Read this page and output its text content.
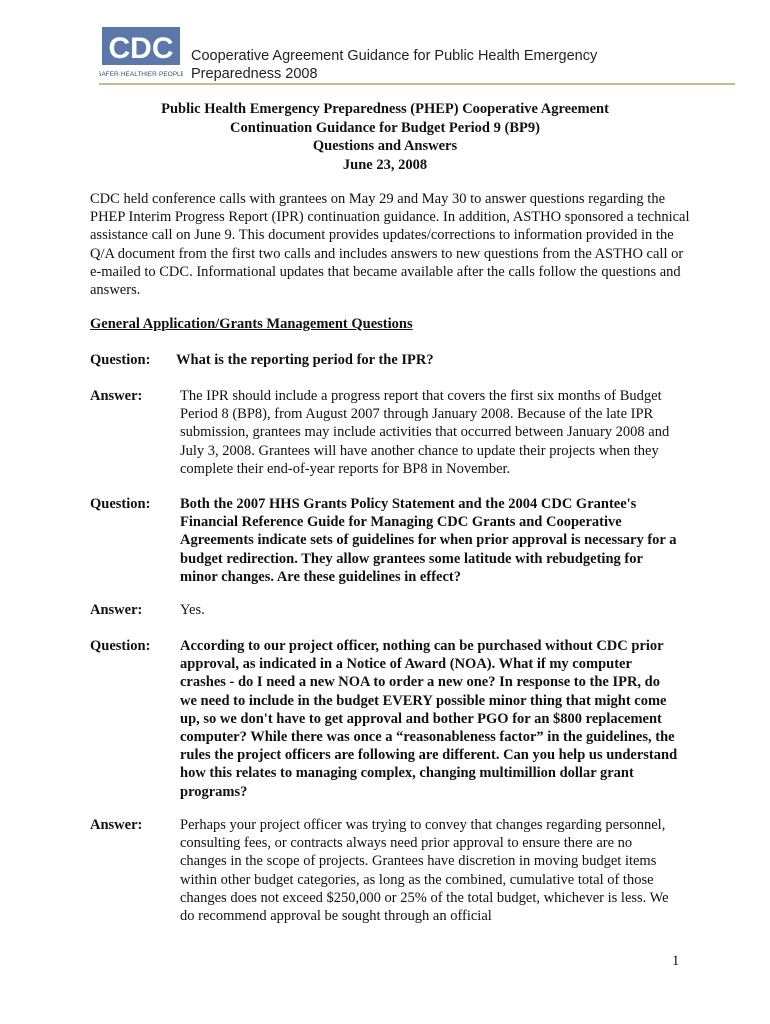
CDC
SAFER·HEALTHIER·PEOPLE
Cooperative Agreement Guidance for Public Health Emergency
Preparedness 2008
Public Health Emergency Preparedness (PHEP) Cooperative Agreement
Continuation Guidance for Budget Period 9 (BP9)
Questions and Answers
June 23, 2008

CDC held conference calls with grantees on May 29 and May 30 to answer questions regarding the PHEP Interim Progress Report (IPR) continuation guidance. In addition, ASTHO sponsored a technical assistance call on June 9. This document provides updates/corrections to information provided in the Q/A document from the first two calls and includes answers to new questions from the ASTHO call or e-mailed to CDC. Informational updates that became available after the calls follow the questions and answers.

General Application/Grants Management Questions
Question: What is the reporting period for the IPR?

Answer:	The IPR should include a progress report that covers the first six months of Budget Period 8 (BP8), from August 2007 through January 2008. Because of the late IPR submission, grantees may include activities that occurred between January 2008 and July 3, 2008. Grantees will have another chance to update their projects when they complete their end-of-year reports for BP8 in November.

Question: Both the 2007 HHS Grants Policy Statement and the 2004 CDC Grantee's Financial Reference Guide for Managing CDC Grants and Cooperative Agreements indicate sets of guidelines for when prior approval is necessary for a budget redirection. They allow grantees some latitude with rebudgeting for minor changes. Are these guidelines in effect?

Answer:	Yes.

Question: According to our project officer, nothing can be purchased without CDC prior approval, as indicated in a Notice of Award (NOA). What if my computer crashes - do I need a new NOA to order a new one? In response to the IPR, do we need to include in the budget EVERY possible minor thing that might come up, so we don't have to get approval and bother PGO for an $800 replacement computer? While there was once a “reasonableness factor” in the guidelines, the rules the project officers are following are different. Can you help us understand how this relates to managing complex, changing multimillion dollar grant programs?

Answer:	Perhaps your project officer was trying to convey that changes regarding personnel, consulting fees, or contracts always need prior approval to ensure there are no changes in the scope of projects. Grantees have discretion in moving budget items within other budget categories, as long as the combined, cumulative total of those changes does not exceed $250,000 or 25% of the total budget, whichever is less. We do recommend approval be sought through an official

1
